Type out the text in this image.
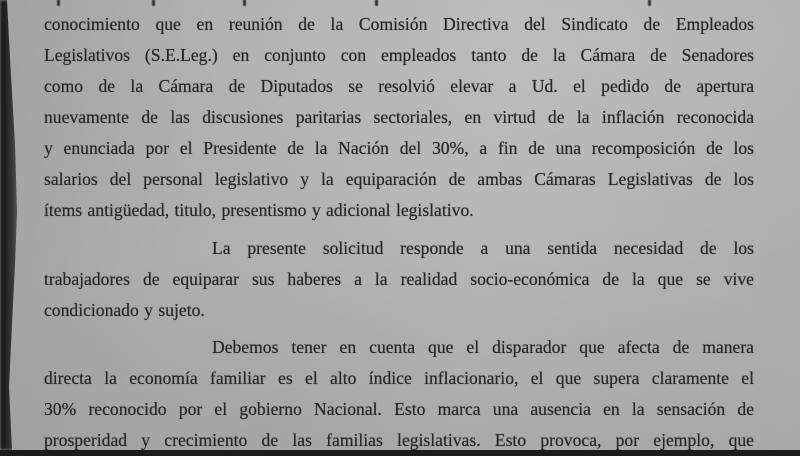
conocimiento que en reunión de la Comisión Directiva del Sindicato de Empleados
Legislativos (S.E.Leg.) en conjunto con empleados tanto de la Cámara de Senadores
como de la Cámara de Diputados se resolvió elevar a Ud. el pedido de apertura
nuevamente de las discusiones paritarias sectoriales, en virtud de la inflación reconocida
y enunciada por el Presidente de la Nación del 30%, a fin de una recomposición de los
salarios del personal legislativo y la equiparación de ambas Cámaras Legislativas de los
ítems antigüedad, titulo, presentismo y adicional legislativo.
La presente solicitud responde a una sentida necesidad de los
trabajadores de equiparar sus haberes a la realidad socio-económica de la que se vive
condicionado y sujeto.
Debemos tener en cuenta que el disparador que afecta de manera
directa la economía familiar es el alto índice inflacionario, el que supera claramente el
30% reconocido por el gobierno Nacional. Esto marca una ausencia en la sensación de
prosperidad y crecimiento de las familias legislativas. Esto provoca, por ejemplo, que
